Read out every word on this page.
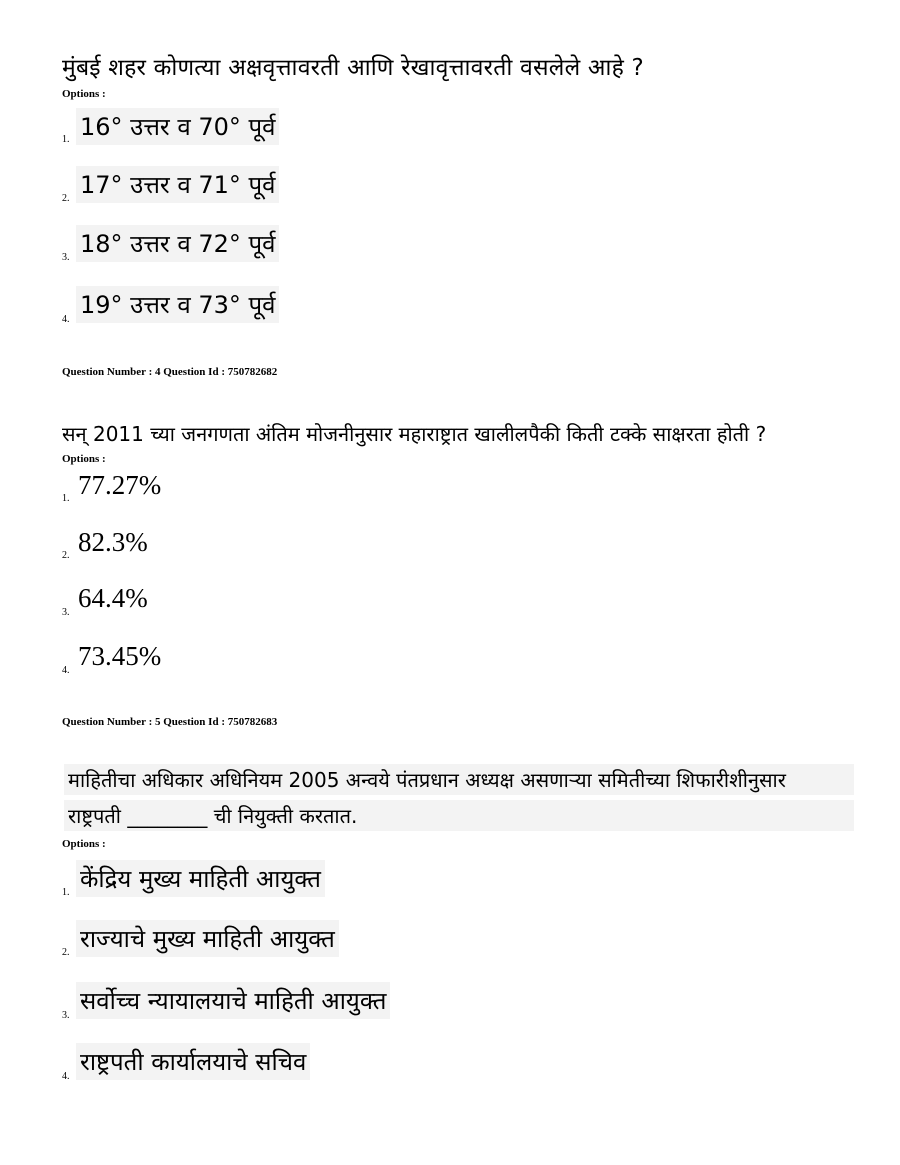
मुंबई शहर कोणत्या अक्षवृत्तावरती आणि रेखावृत्तावरती वसलेले आहे ?
Options :
1. 16° उत्तर व 70° पूर्व
2. 17° उत्तर व 71° पूर्व
3. 18° उत्तर व 72° पूर्व
4.
19° उत्तर व 73° पूर्व
Question Number : 4 Question Id : 750782682
सन् 2011 च्या जनगणता अंतिम मोजनीनुसार महाराष्ट्रात खालीलपैकी किती टक्के साक्षरता होती ?
Options :
1. 77.27%
2. 82.3%
3. 64.4%
4. 73.45%
Question Number : 5 Question Id : 750782683
माहितीचा अधिकार अधिनियम 2005 अन्वये पंतप्रधान अध्यक्ष असणाऱ्या समितीच्या शिफारीशीनुसार
राष्ट्रपती ________ ची नियुक्ती करतात.
Options :
1. केंद्रिय मुख्य माहिती आयुक्त
2. राज्याचे मुख्य माहिती आयुक्त
3.
सर्वोच्च न्यायालयाचे माहिती आयुक्त
4.
राष्ट्रपती कार्यालयाचे सचिव
